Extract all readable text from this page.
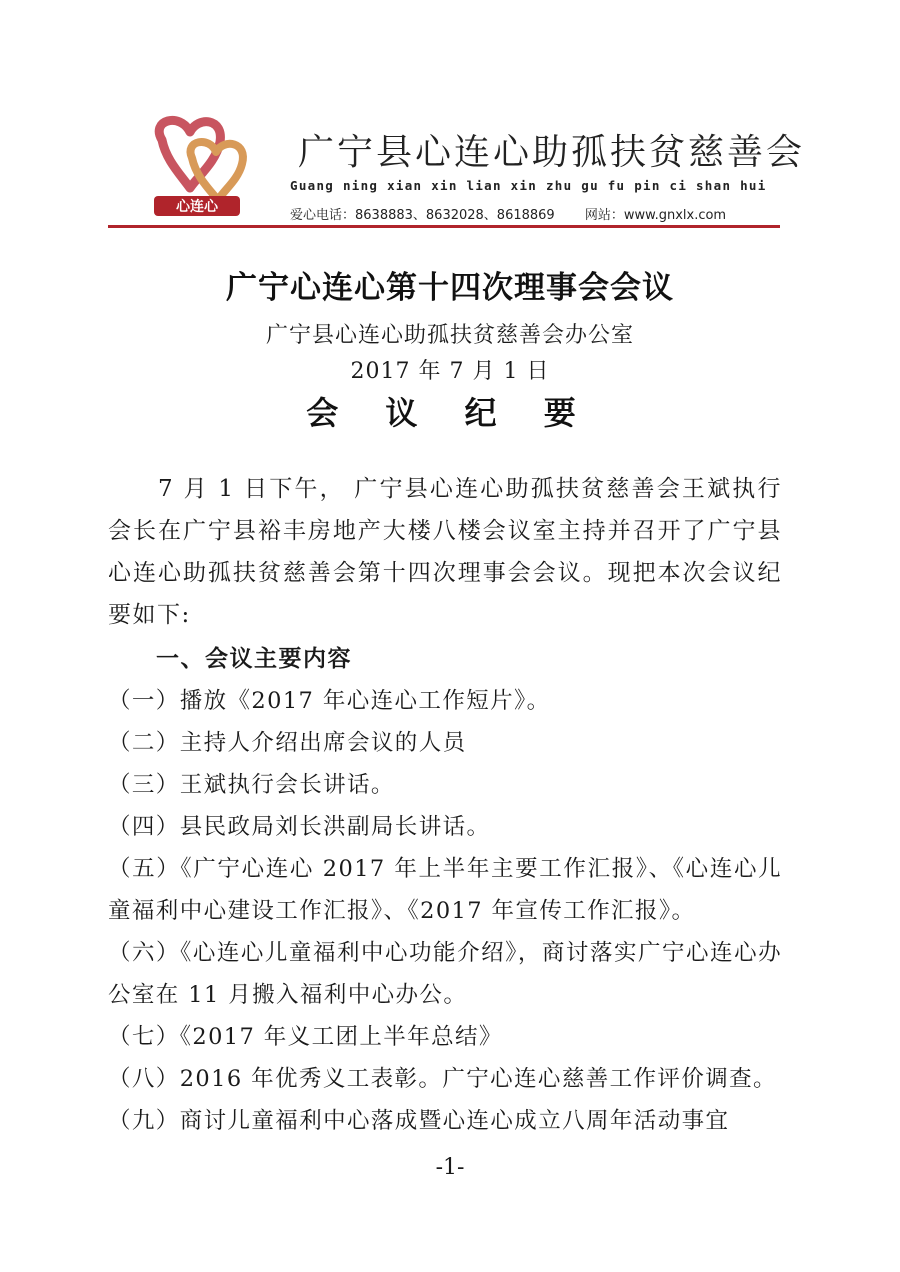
心连心
广宁县心连心助孤扶贫慈善会
Guang ning xian xin lian xin zhu gu fu pin ci shan hui
爱心电话：8638883、8632028、8618869 网站：www.gnxlx.com
广宁心连心第十四次理事会会议
广宁县心连心助孤扶贫慈善会办公室
2017 年 7 月 1 日
会 议 纪 要
7 月 1 日下午， 广宁县心连心助孤扶贫慈善会王斌执行会长在广宁县裕丰房地产大楼八楼会议室主持并召开了广宁县心连心助孤扶贫慈善会第十四次理事会会议。现把本次会议纪要如下:
一、会议主要内容
（一）播放《2017 年心连心工作短片》。
（二）主持人介绍出席会议的人员
（三）王斌执行会长讲话。
（四）县民政局刘长洪副局长讲话。
（五）《广宁心连心 2017 年上半年主要工作汇报》、《心连心儿童福利中心建设工作汇报》、《2017 年宣传工作汇报》。
（六）《心连心儿童福利中心功能介绍》，商讨落实广宁心连心办公室在 11 月搬入福利中心办公。
（七）《2017 年义工团上半年总结》
（八）2016 年优秀义工表彰。广宁心连心慈善工作评价调查。
（九）商讨儿童福利中心落成暨心连心成立八周年活动事宜
-1-
